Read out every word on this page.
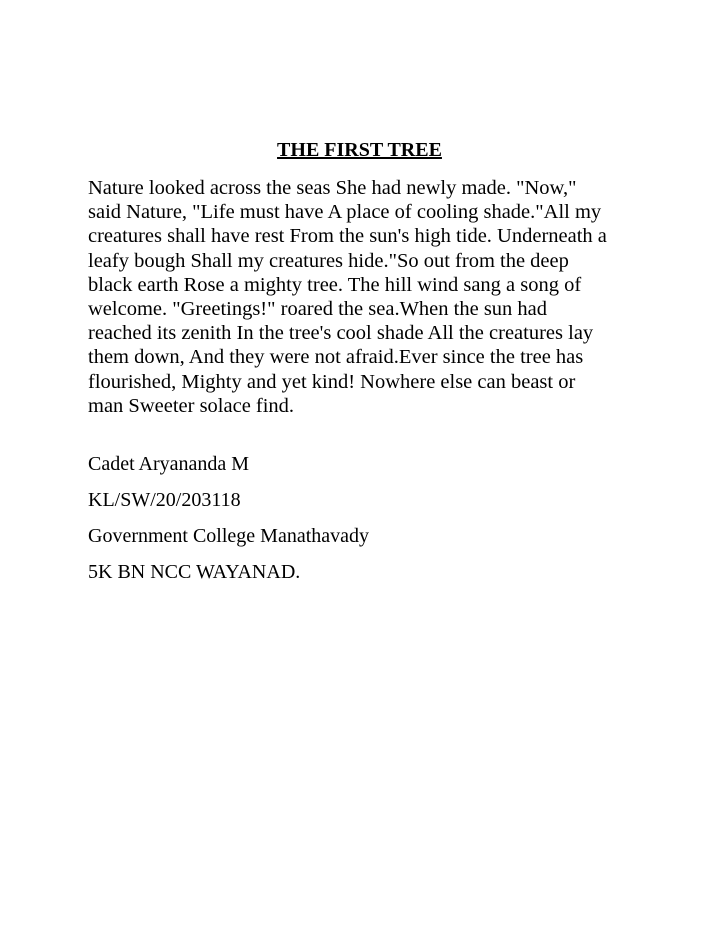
THE FIRST TREE

Nature looked across the seas She had newly made. "Now," said Nature, "Life must have A place of cooling shade."All my creatures shall have rest From the sun's high tide. Underneath a leafy bough Shall my creatures hide."So out from the deep black earth Rose a mighty tree. The hill wind sang a song of welcome. "Greetings!" roared the sea.When the sun had reached its zenith In the tree's cool shade All the creatures lay them down, And they were not afraid.Ever since the tree has flourished, Mighty and yet kind! Nowhere else can beast or man Sweeter solace find.

Cadet Aryananda M

KL/SW/20/203118

Government College Manathavady

5K BN NCC WAYANAD.
